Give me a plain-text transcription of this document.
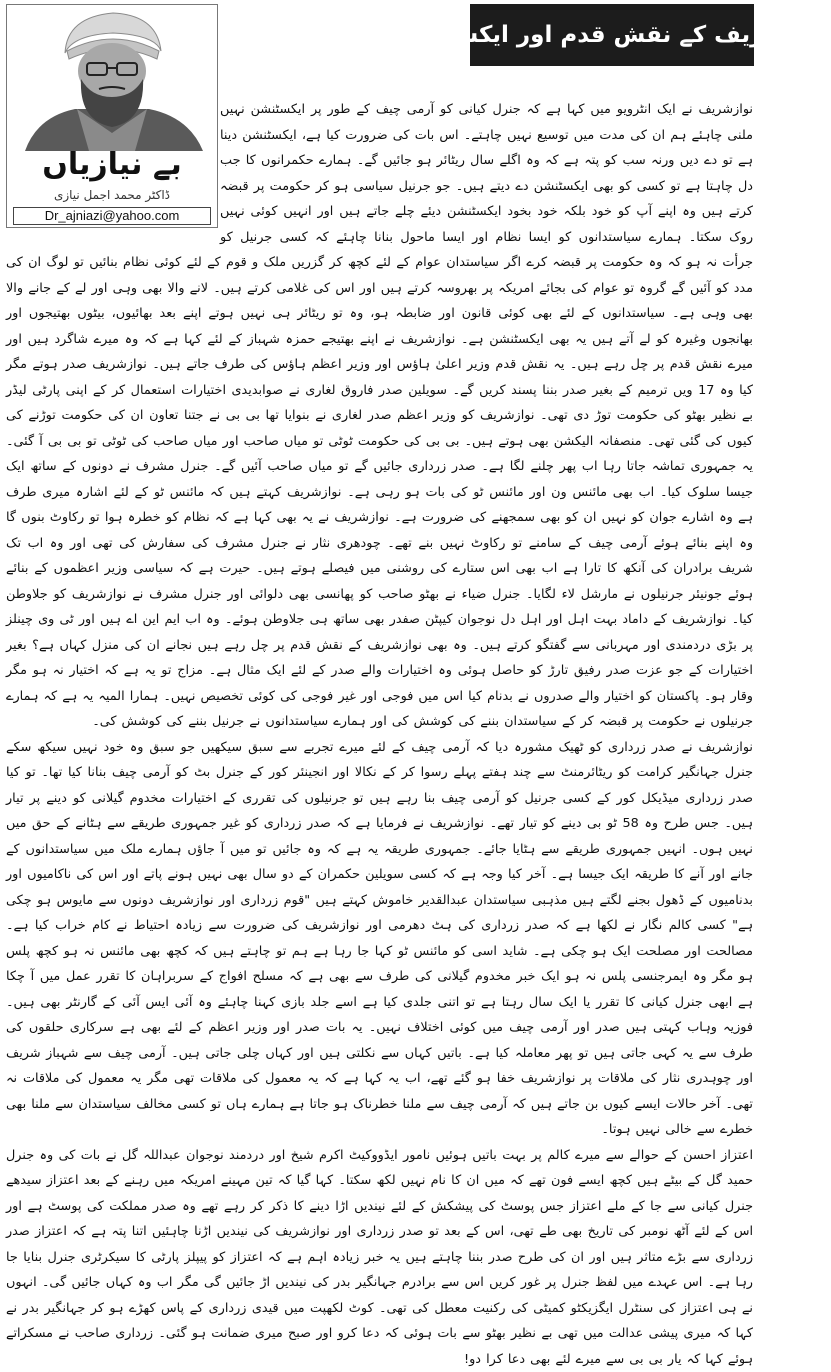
نوازشریف کے نقش قدم اور ایکسٹنشن

نوازشریف نے ایک انٹرویو میں کہا ہے کہ جنرل کیانی کو آرمی چیف کے طور پر ایکسٹنشن نہیں ملنی چاہئے ہم ان کی مدت میں توسیع نہیں چاہتے۔ اس بات کی ضرورت کیا ہے، ایکسٹنشن دینا ہے تو دے دیں ورنہ سب کو پتہ ہے کہ وہ اگلے سال ریٹائر ہو جائیں گے۔ ہمارے حکمرانوں کا جب دل چاہتا ہے تو کسی کو بھی ایکسٹنشن دے دیتے ہیں۔ جو جرنیل سیاسی ہو کر حکومت پر قبضہ کرتے ہیں وہ اپنے آپ کو خود بلکہ خود بخود ایکسٹنشن دیئے چلے جاتے ہیں اور انہیں کوئی نہیں روک سکتا۔ ہمارے سیاستدانوں کو ایسا نظام اور ایسا ماحول بنانا چاہئے کہ کسی جرنیل کو جرأت نہ ہو کہ وہ حکومت پر قبضہ کرے اگر سیاستدان عوام کے لئے کچھ کر گزریں ملک و قوم کے لئے کوئی نظام بنائیں تو لوگ ان کی مدد کو آئیں گے گروہ تو عوام کی بجائے امریکہ پر بھروسہ کرتے ہیں اور اس کی غلامی کرتے ہیں۔ لانے والا بھی وہی اور لے کے جانے والا بھی وہی ہے۔ سیاستدانوں کے لئے بھی کوئی قانون اور ضابطہ ہو، وہ تو ریٹائر ہی نہیں ہوتے اپنے بعد بھائیوں، بیٹوں بھتیجوں اور بھانجوں وغیرہ کو لے آتے ہیں یہ بھی ایکسٹنشن ہے۔ نوازشریف نے اپنے بھتیجے حمزہ شہباز کے لئے کہا ہے کہ وہ میرے شاگرد ہیں اور میرے نقش قدم پر چل رہے ہیں۔ یہ نقش قدم وزیر اعلیٰ ہاؤس اور وزیر اعظم ہاؤس کی طرف جاتے ہیں۔ نوازشریف صدر ہوتے مگر کیا وہ 17 ویں ترمیم کے بغیر صدر بننا پسند کریں گے۔ سویلین صدر فاروق لغاری نے صوابدیدی اختیارات استعمال کر کے اپنی پارٹی لیڈر بے نظیر بھٹو کی حکومت توڑ دی تھی۔ نوازشریف کو وزیر اعظم صدر لغاری نے بنوایا تھا بی بی نے جتنا تعاون ان کی حکومت توڑنے کی کیوں کی گئی تھی۔ منصفانہ الیکشن بھی ہوتے ہیں۔ بی بی کی حکومت ٹوٹی تو میاں صاحب اور میاں صاحب کی ٹوٹی تو بی بی آ گئی۔ یہ جمہوری تماشہ جاتا رہا اب پھر چلنے لگا ہے۔ صدر زرداری جائیں گے تو میاں صاحب آئیں گے۔ جنرل مشرف نے دونوں کے ساتھ ایک جیسا سلوک کیا۔ اب بھی مائنس ون اور مائنس ٹو کی بات ہو رہی ہے۔ نوازشریف کہتے ہیں کہ مائنس ٹو کے لئے اشارہ میری طرف ہے وہ اشارے جوان کو نہیں ان کو بھی سمجھنے کی ضرورت ہے۔ نوازشریف نے یہ بھی کہا ہے کہ نظام کو خطرہ ہوا تو رکاوٹ بنوں گا وہ اپنے بنائے ہوئے آرمی چیف کے سامنے تو رکاوٹ نہیں بنے تھے۔ چودھری نثار نے جنرل مشرف کی سفارش کی تھی اور وہ اب تک شریف برادران کی آنکھ کا تارا ہے اب بھی اس ستارے کی روشنی میں فیصلے ہوتے ہیں۔ حیرت ہے کہ سیاسی وزیر اعظموں کے بنائے ہوئے جونیئر جرنیلوں نے مارشل لاء لگایا۔ جنرل ضیاء نے بھٹو صاحب کو پھانسی بھی دلوائی اور جنرل مشرف نے نوازشریف کو جلاوطن کیا۔ نوازشریف کے داماد بہت اہل اور اہل دل نوجوان کیپٹن صفدر بھی ساتھ ہی جلاوطن ہوئے۔ وہ اب ایم این اے ہیں اور ٹی وی چینلز پر بڑی دردمندی اور مہربانی سے گفتگو کرتے ہیں۔ وہ بھی نوازشریف کے نقش قدم پر چل رہے ہیں نجانے ان کی منزل کہاں ہے؟ بغیر اختیارات کے جو عزت صدر رفیق تارڑ کو حاصل ہوئی وہ اختیارات والے صدر کے لئے ایک مثال ہے۔ مزاج تو یہ ہے کہ اختیار نہ ہو مگر وقار ہو۔ پاکستان کو اختیار والے صدروں نے بدنام کیا اس میں فوجی اور غیر فوجی کی کوئی تخصیص نہیں۔ ہمارا المیہ یہ ہے کہ ہمارے جرنیلوں نے حکومت پر قبضہ کر کے سیاستدان بننے کی کوشش کی اور ہمارے سیاستدانوں نے جرنیل بننے کی کوشش کی۔

نوازشریف نے صدر زرداری کو ٹھیک مشورہ دیا کہ آرمی چیف کے لئے میرے تجربے سے سبق سیکھیں جو سبق وہ خود نہیں سیکھ سکے جنرل جہانگیر کرامت کو ریٹائرمنٹ سے چند ہفتے پہلے رسوا کر کے نکالا اور انجینئر کور کے جنرل بٹ کو آرمی چیف بنانا کیا تھا۔ تو کیا صدر زرداری میڈیکل کور کے کسی جرنیل کو آرمی چیف بنا رہے ہیں تو جرنیلوں کی تقرری کے اختیارات مخدوم گیلانی کو دینے پر تیار ہیں۔ جس طرح وہ 58 ٹو بی دینے کو تیار تھے۔ نوازشریف نے فرمایا ہے کہ صدر زرداری کو غیر جمہوری طریقے سے ہٹانے کے حق میں نہیں ہوں۔ انہیں جمہوری طریقے سے ہٹایا جائے۔ جمہوری طریقہ یہ ہے کہ وہ جائیں تو میں آ جاؤں ہمارے ملک میں سیاستدانوں کے جانے اور آنے کا طریقہ ایک جیسا ہے۔ آخر کیا وجہ ہے کہ کسی سویلین حکمران کے دو سال بھی نہیں ہونے پاتے اور اس کی ناکامیوں اور بدنامیوں کے ڈھول بجنے لگتے ہیں مذہبی سیاستدان عبدالقدیر خاموش کہتے ہیں "قوم زرداری اور نوازشریف دونوں سے مایوس ہو چکی ہے" کسی کالم نگار نے لکھا ہے کہ صدر زرداری کی ہٹ دھرمی اور نوازشریف کی ضرورت سے زیادہ احتیاط نے کام خراب کیا ہے۔ مصالحت اور مصلحت ایک ہو چکی ہے۔ شاید اسی کو مائنس ٹو کہا جا رہا ہے ہم تو چاہتے ہیں کہ کچھ بھی مائنس نہ ہو کچھ پلس ہو مگر وہ ایمرجنسی پلس نہ ہو ایک خبر مخدوم گیلانی کی طرف سے بھی ہے کہ مسلح افواج کے سربراہان کا تقرر عمل میں آ چکا ہے ابھی جنرل کیانی کا تقرر یا ایک سال رہتا ہے تو اتنی جلدی کیا ہے اسے جلد بازی کہنا چاہئے وہ آئی ایس آئی کے گارنٹر بھی ہیں۔ فوزیہ وہاب کہتی ہیں صدر اور آرمی چیف میں کوئی اختلاف نہیں۔ یہ بات صدر اور وزیر اعظم کے لئے بھی ہے سرکاری حلقوں کی طرف سے یہ کہی جاتی ہیں تو پھر معاملہ کیا ہے۔ باتیں کہاں سے نکلتی ہیں اور کہاں چلی جاتی ہیں۔ آرمی چیف سے شہباز شریف اور چوہدری نثار کی ملاقات پر نوازشریف خفا ہو گئے تھے، اب یہ کہا ہے کہ یہ معمول کی ملاقات تھی مگر یہ معمول کی ملاقات نہ تھی۔ آخر حالات ایسے کیوں بن جاتے ہیں کہ آرمی چیف سے ملنا خطرناک ہو جاتا ہے ہمارے ہاں تو کسی مخالف سیاستدان سے ملنا بھی خطرے سے خالی نہیں ہوتا۔

اعتزاز احسن کے حوالے سے میرے کالم پر بہت باتیں ہوئیں نامور ایڈووکیٹ اکرم شیخ اور دردمند نوجوان عبداللہ گل نے بات کی وہ جنرل حمید گل کے بیٹے ہیں کچھ ایسے فون تھے کہ میں ان کا نام نہیں لکھ سکتا۔ کہا گیا کہ تین مہینے امریکہ میں رہنے کے بعد اعتزاز سیدھے جنرل کیانی سے جا کے ملے اعتزاز جس پوسٹ کی پیشکش کے لئے نیندیں اڑا دینے کا ذکر کر رہے تھے وہ صدر مملکت کی پوسٹ ہے اور اس کے لئے آٹھ نومبر کی تاریخ بھی طے تھی، اس کے بعد تو صدر زرداری اور نوازشریف کی نیندیں اڑنا چاہئیں اتنا پتہ ہے کہ اعتزاز صدر زرداری سے بڑے متاثر ہیں اور ان کی طرح صدر بننا چاہتے ہیں یہ خبر زیادہ اہم ہے کہ اعتزاز کو پیپلز پارٹی کا سیکرٹری جنرل بنایا جا رہا ہے۔ اس عہدے میں لفظ جنرل پر غور کریں اس سے برادرم جہانگیر بدر کی نیندیں اڑ جائیں گی مگر اب وہ کہاں جائیں گی۔ انہوں نے ہی اعتزاز کی سنٹرل ایگزیکٹو کمیٹی کی رکنیت معطل کی تھی۔ کوٹ لکھپت میں قیدی زرداری کے پاس کھڑے ہو کر جہانگیر بدر نے کہا کہ میری پیشی عدالت میں تھی بے نظیر بھٹو سے بات ہوئی کہ دعا کرو اور صبح میری ضمانت ہو گئی۔ زرداری صاحب نے مسکراتے ہوئے کہا کہ یار بی بی سے میرے لئے بھی دعا کرا دو!

بے نیازیاں
ڈاکٹر محمد اجمل نیازی
Dr_ajniazi@yahoo.com
